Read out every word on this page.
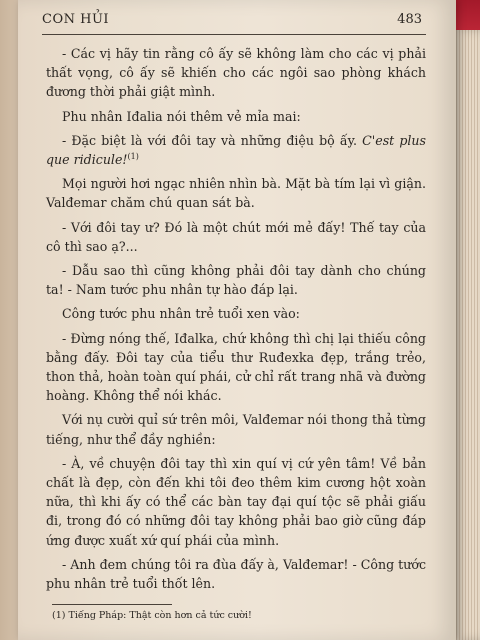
CON HỦI	483

- Các vị hãy tin rằng cô ấy sẽ không làm cho các vị phải thất vọng, cô ấy sẽ khiến cho các ngôi sao phòng khách đương thời phải giật mình.

Phu nhân Iđalia nói thêm vẻ mỉa mai:

- Đặc biệt là với đôi tay và những điệu bộ ấy. C'est plus que ridicule!$^{(1)}$

Mọi người hơi ngạc nhiên nhìn bà. Mặt bà tím lại vì giận. Valđemar chăm chú quan sát bà.

- Với đôi tay ư? Đó là một chút mới mẻ đấy! Thế tay của cô thì sao ạ?...

- Dẫu sao thì cũng không phải đôi tay dành cho chúng ta! - Nam tước phu nhân tự hào đáp lại.

Công tước phu nhân trẻ tuổi xen vào:

- Đừng nóng thế, Iđalka, chứ không thì chị lại thiếu công bằng đấy. Đôi tay của tiểu thư Ruđexka đẹp, trắng trẻo, thon thả, hoàn toàn quí phái, cử chỉ rất trang nhã và đường hoàng. Không thể nói khác.

Với nụ cười quỉ sứ trên môi, Valđemar nói thong thả từng tiếng, như thể đầy nghiền:

- À, về chuyện đôi tay thì xin quí vị cứ yên tâm! Về bản chất là đẹp, còn đến khi tôi đeo thêm kim cương hột xoàn nữa, thì khi ấy có thể các bàn tay đại quí tộc sẽ phải giấu đi, trong đó có những đôi tay không phải bao giờ cũng đáp ứng được xuất xứ quí phái của mình.

- Anh đem chúng tôi ra đùa đấy à, Valđemar! - Công tước phu nhân trẻ tuổi thốt lên.

(1) Tiếng Pháp: Thật còn hơn cả tức cười!
